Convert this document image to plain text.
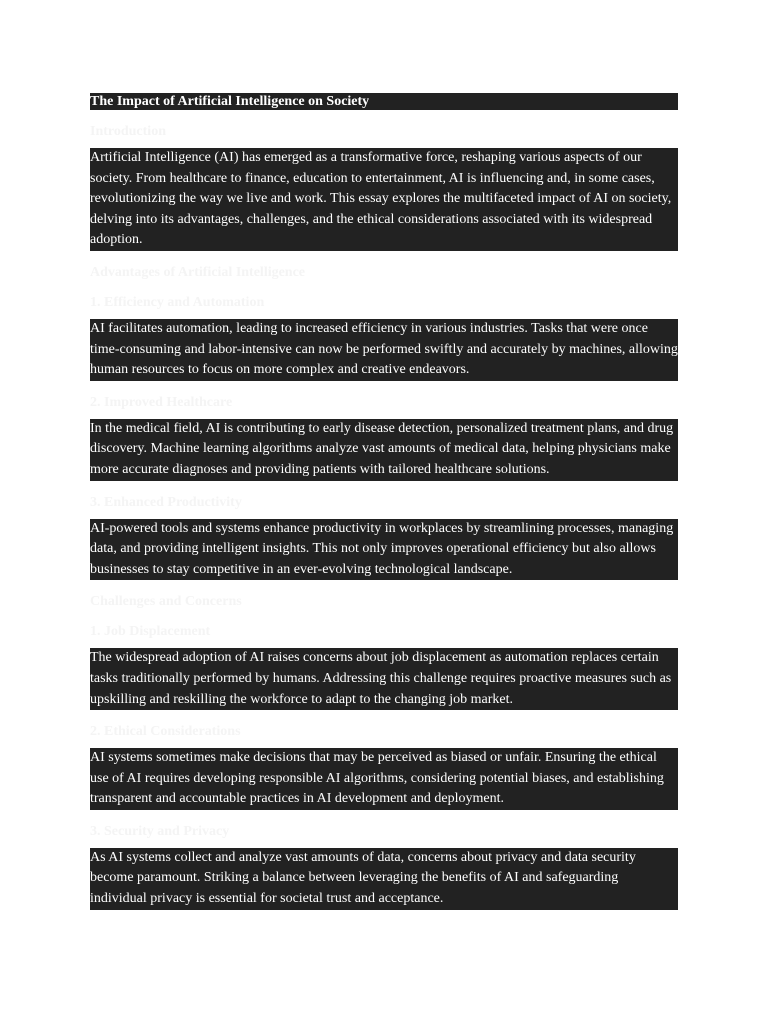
The Impact of Artificial Intelligence on Society
Introduction
Artificial Intelligence (AI) has emerged as a transformative force, reshaping various aspects of our society. From healthcare to finance, education to entertainment, AI is influencing and, in some cases, revolutionizing the way we live and work. This essay explores the multifaceted impact of AI on society, delving into its advantages, challenges, and the ethical considerations associated with its widespread adoption.
Advantages of Artificial Intelligence
1. Efficiency and Automation
AI facilitates automation, leading to increased efficiency in various industries. Tasks that were once time-consuming and labor-intensive can now be performed swiftly and accurately by machines, allowing human resources to focus on more complex and creative endeavors.
2. Improved Healthcare
In the medical field, AI is contributing to early disease detection, personalized treatment plans, and drug discovery. Machine learning algorithms analyze vast amounts of medical data, helping physicians make more accurate diagnoses and providing patients with tailored healthcare solutions.
3. Enhanced Productivity
AI-powered tools and systems enhance productivity in workplaces by streamlining processes, managing data, and providing intelligent insights. This not only improves operational efficiency but also allows businesses to stay competitive in an ever-evolving technological landscape.
Challenges and Concerns
1. Job Displacement
The widespread adoption of AI raises concerns about job displacement as automation replaces certain tasks traditionally performed by humans. Addressing this challenge requires proactive measures such as upskilling and reskilling the workforce to adapt to the changing job market.
2. Ethical Considerations
AI systems sometimes make decisions that may be perceived as biased or unfair. Ensuring the ethical use of AI requires developing responsible AI algorithms, considering potential biases, and establishing transparent and accountable practices in AI development and deployment.
3. Security and Privacy
As AI systems collect and analyze vast amounts of data, concerns about privacy and data security become paramount. Striking a balance between leveraging the benefits of AI and safeguarding individual privacy is essential for societal trust and acceptance.
